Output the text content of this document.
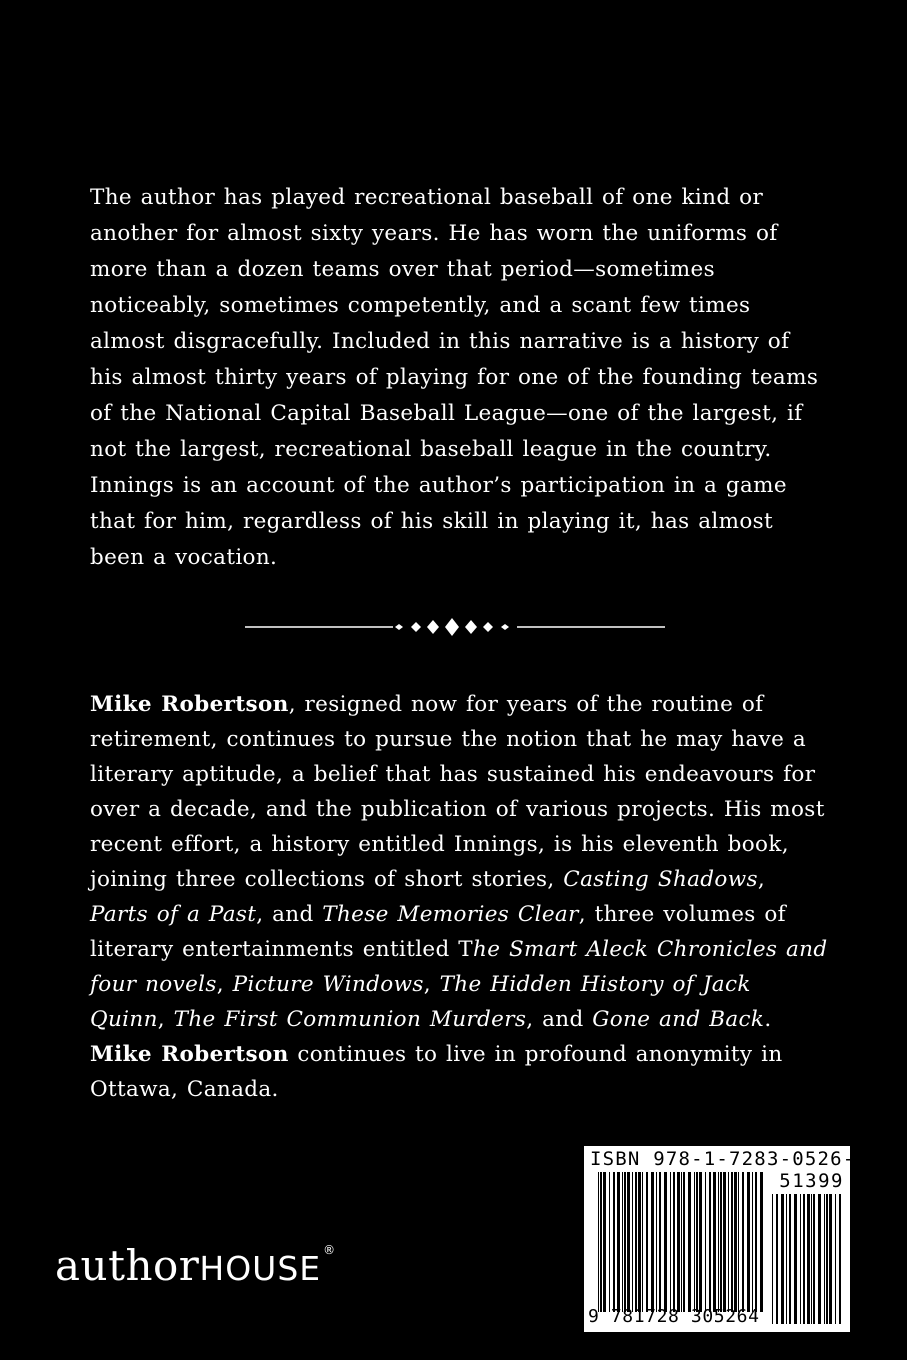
The author has played recreational baseball of one kind or another for almost sixty years. He has worn the uniforms of more than a dozen teams over that period—sometimes noticeably, sometimes competently, and a scant few times almost disgracefully. Included in this narrative is a history of his almost thirty years of playing for one of the founding teams of the National Capital Baseball League—one of the largest, if not the largest, recreational baseball league in the country. Innings is an account of the author’s participation in a game that for him, regardless of his skill in playing it, has almost been a vocation.

Mike Robertson, resigned now for years of the routine of retirement, continues to pursue the notion that he may have a literary aptitude, a belief that has sustained his endeavours for over a decade, and the publication of various projects. His most recent effort, a history entitled Innings, is his eleventh book, joining three collections of short stories, Casting Shadows, Parts of a Past, and These Memories Clear, three volumes of literary entertainments entitled The Smart Aleck Chronicles and four novels, Picture Windows, The Hidden History of Jack Quinn, The First Communion Murders, and Gone and Back. Mike Robertson continues to live in profound anonymity in Ottawa, Canada.

authorHOUSE ®
ISBN 978-1-7283-0526-4
51399
9 781728 305264
